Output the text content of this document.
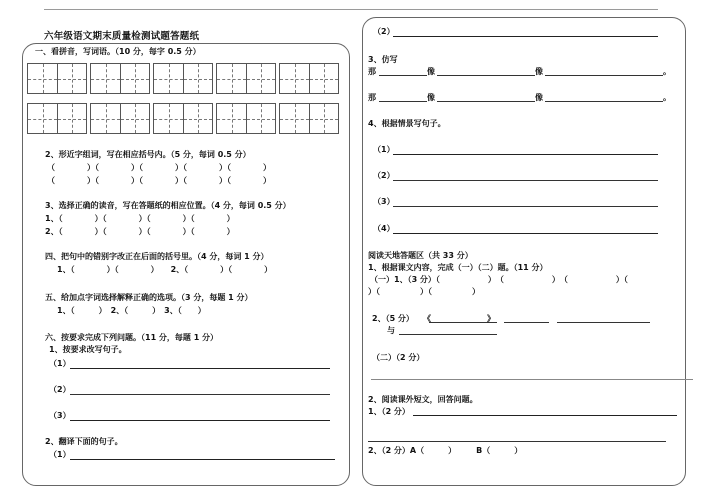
六年级语文期末质量检测试题答题纸
一、看拼音，写词语。（10 分，每字 0.5 分）
2、形近字组词，写在相应括号内。（5 分，每词 0.5 分）
（　　　　）（　　　　）（　　　　）（　　　　）（　　　　）
（　　　　）（　　　　）（　　　　）（　　　　）（　　　　）
3、选择正确的读音，写在答题纸的相应位置。（4 分，每词 0.5 分）
1、（　　　　）（　　　　）（　　　　）（　　　　）
2、（　　　　）（　　　　）（　　　　）（　　　　）
四、把句中的错别字改正在后面的括号里。（4 分，每词 1 分）
1、（　　　　）（　　　　）　　2、（　　　　）（　　　　）
五、给加点字词选择解释正确的选项。（3 分，每题 1 分）
1、（　　　）　2、（　　　）　3、（　　）
六、按要求完成下列问题。（11 分，每题 1 分）
1、按要求改写句子。
（1）
（2）
（3）
2、翻译下面的句子。
（1）
（2）
3、仿写
那	像	像	。
那	像	像	。
4、根据情景写句子。
（1）
（2）
（3）
（4）
阅读天地答题区（共 33 分）
1、根据课文内容，完成（一）（二）题。（11 分）
（一）1、（3 分）（　　　　　　）　（　　　　　　）　（　　　　　　）（
）（　　　　　）（　　　　　）
2、（5 分） 《	》
与
（二）（2 分）
2、阅读课外短文，回答问题。
1、（2 分）
2、（2 分）A（　　　）　　　B（　　　）
